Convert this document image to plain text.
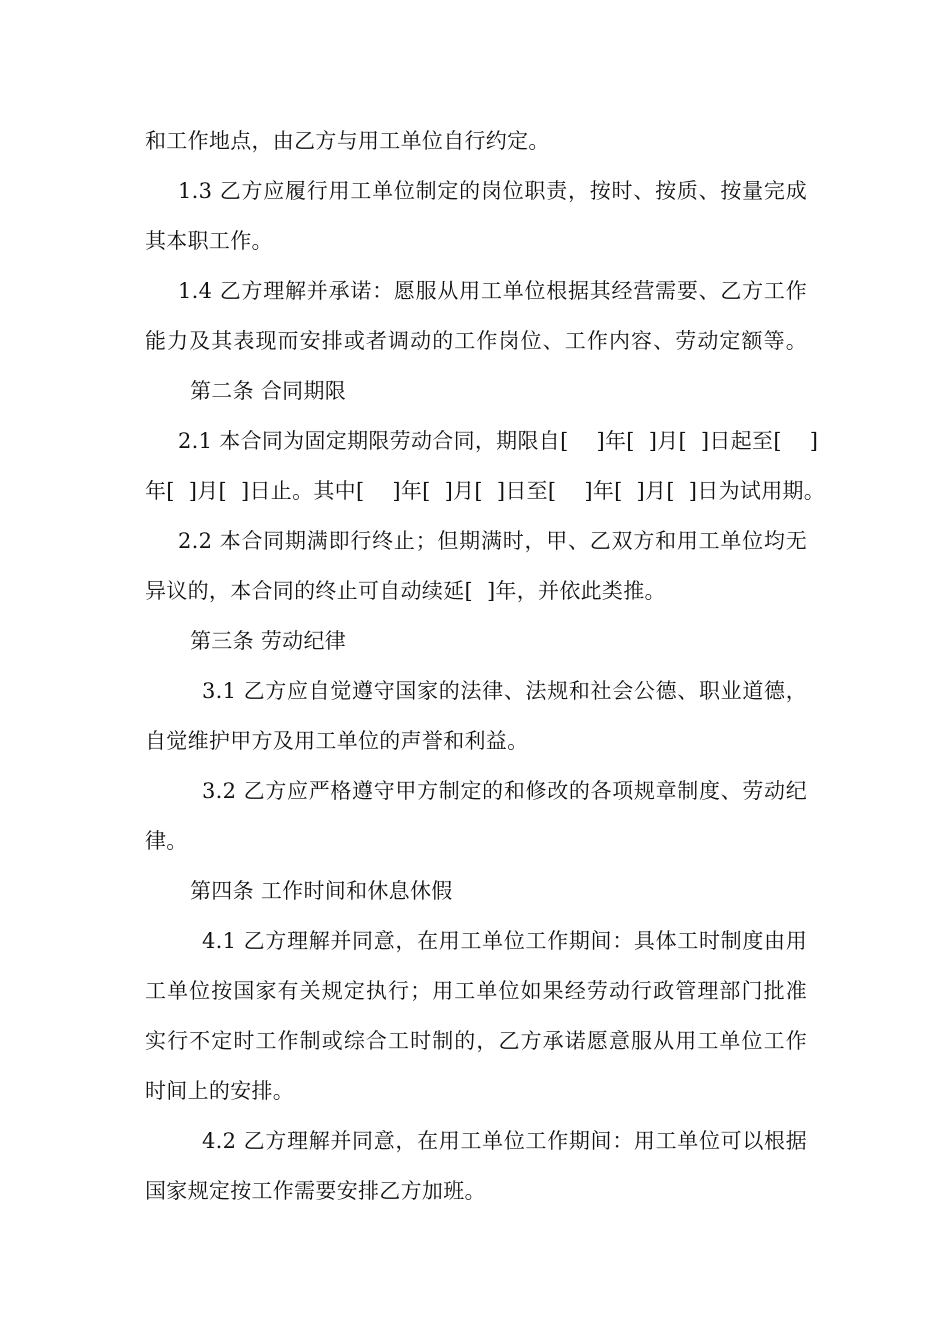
和工作地点，由乙方与用工单位自行约定。
1.3 乙方应履行用工单位制定的岗位职责，按时、按质、按量完成
其本职工作。
1.4 乙方理解并承诺：愿服从用工单位根据其经营需要、乙方工作
能力及其表现而安排或者调动的工作岗位、工作内容、劳动定额等。
第二条 合同期限
2.1 本合同为固定期限劳动合同，期限自[    ]年[  ]月[  ]日起至[    ]
年[  ]月[  ]日止。其中[    ]年[  ]月[  ]日至[    ]年[  ]月[  ]日为试用期。
2.2 本合同期满即行终止；但期满时，甲、乙双方和用工单位均无
异议的，本合同的终止可自动续延[  ]年，并依此类推。
第三条 劳动纪律
3.1 乙方应自觉遵守国家的法律、法规和社会公德、职业道德，
自觉维护甲方及用工单位的声誉和利益。
3.2 乙方应严格遵守甲方制定的和修改的各项规章制度、劳动纪
律。
第四条 工作时间和休息休假
4.1 乙方理解并同意，在用工单位工作期间：具体工时制度由用
工单位按国家有关规定执行；用工单位如果经劳动行政管理部门批准
实行不定时工作制或综合工时制的，乙方承诺愿意服从用工单位工作
时间上的安排。
4.2 乙方理解并同意，在用工单位工作期间：用工单位可以根据
国家规定按工作需要安排乙方加班。
